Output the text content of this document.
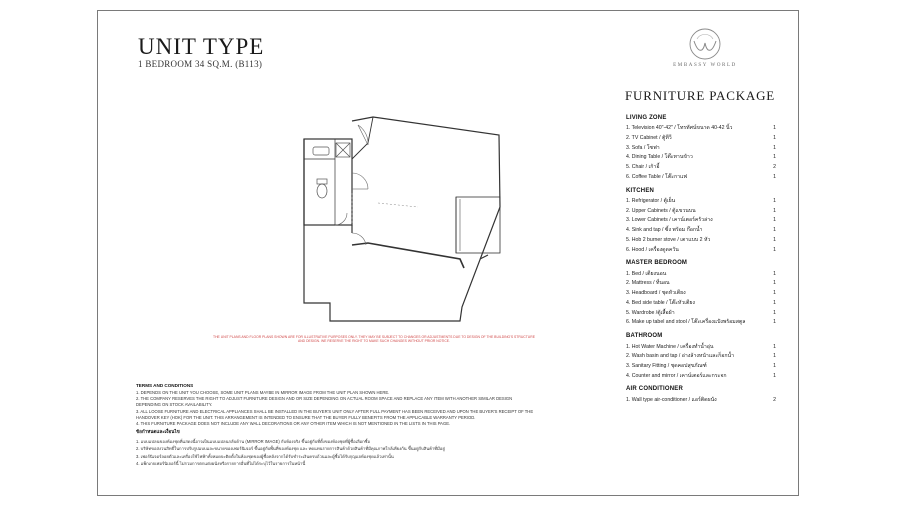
UNIT TYPE
1 BEDROOM 34 SQ.M. (B113)	EMBASSY WORLD
THE UNIT PLANS AND FLOOR PLANS SHOWN ARE FOR ILLUSTRATIVE PURPOSES ONLY. THEY MAY BE SUBJECT TO CHANGES OR ADJUSTMENTS DUE TO DESIGN OF THE BUILDING'S STRUCTURE
AND DESIGN. WE RESERVE THE RIGHT TO MAKE SUCH CHANGES WITHOUT PRIOR NOTICE.
TERMS AND CONDITIONS
1. DEPENDS ON THE UNIT YOU CHOOSE, SOME UNIT PLANS MAYBE IN MIRROR IMAGE FROM THE UNIT PLAN SHOWN HERE.
2. THE COMPANY RESERVES THE RIGHT TO ADJUST FURNITURE DESIGN AND OR SIZE DEPENDING ON ACTUAL ROOM SPACE AND REPLACE ANY ITEM WITH ANOTHER SIMILAR DESIGN
DEPENDING ON STOCK AVAILABILITY.
3. ALL LOOSE FURNITURE AND ELECTRICAL APPLIANCES SHALL BE INSTALLED IN THE BUYER'S UNIT ONLY AFTER FULL PAYMENT HAS BEEN RECEIVED AND UPON THE BUYER'S RECEIPT OF THE
HANDOVER KEY (HOK) FOR THE UNIT. THIS ARRANGEMENT IS INTENDED TO ENSURE THAT THE BUYER FULLY BENEFITS FROM THE APPLICABLE WARRANTY PERIOD.
4. THIS FURNITURE PACKAGE DOES NOT INCLUDE ANY WALL DECORATIONS OR ANY OTHER ITEM WHICH IS NOT MENTIONED IN THE LISTS IN THIS PAGE.
ข้อกำหนดและเงื่อนไข
1. แบบแปลนของห้องชุดที่แสดงนี้อาจเป็นแบบแปลนกลับด้าน (MIRROR IMAGE) กับห้องจริง ขึ้นอยู่กับที่ตั้งของห้องชุดที่ผู้ซื้อเลือกซื้อ
2. บริษัทขอสงวนสิทธิ์ในการปรับรูปแบบและขนาดของเฟอร์นิเจอร์ ขึ้นอยู่กับพื้นที่ของห้องชุด และ ทดแทนรายการสินค้าด้วยสินค้าที่มีคุณภาพใกล้เคียงกัน ขึ้นอยู่กับสินค้าที่มีอยู่
3. เฟอร์นิเจอร์ลอยตัวและเครื่องใช้ไฟฟ้าทั้งหมดจะติดตั้งในห้องชุดของผู้ซื้อหลังจากได้รับชำระเงินครบถ้วนและผู้ซื้อได้รับกุญแจห้องชุดแล้วเท่านั้น
4. แพ็กเกจเฟอร์นิเจอร์นี้ ไม่รวมการตกแต่งผนังหรือรายการอื่นที่ไม่ได้ระบุไว้ในรายการในหน้านี้
FURNITURE PACKAGE
LIVING ZONE
1. Television 40"-42" / โทรทัศน์ขนาด 40-42 นิ้ว	1
2. TV Cabinet / ตู้ทีวี	1
3. Sofa / โซฟา	1
4. Dining Table / โต๊ะทานข้าว	1
5. Chair / เก้าอี้	2
6. Coffee Table / โต๊ะกาแฟ	1
KITCHEN
1. Refrigerator / ตู้เย็น	1
2. Upper Cabinets / ตู้แขวนบน	1
3. Lower Cabinets / เคาน์เตอร์ครัวล่าง	1
4. Sink and tap / ซิ้ง พร้อม ก๊อกน้ำ	1
5. Hob 2 burner stove / เตาแบบ 2 หัว	1
6. Hood / เครื่องดูดควัน	1
MASTER BEDROOM
1. Bed / เตียงนอน	1
2. Mattress / ที่นอน	1
3. Headboard / ชุดหัวเตียง	1
4. Bed side table / โต๊ะหัวเตียง	1
5. Wardrobe /ตู้เสื้อผ้า	1
6. Make up tabel and stool / โต๊ะเครื่องแป้งพร้อมสตูล	1
BATHROOM
1. Hot Water Machine / เครื่องทำน้ำอุ่น	1
2. Wash basin and tap / อ่างล้างหน้าและก็อกน้ำ	1
3. Sanitary Fitting / ชุดคอปสุขภัณฑ์	1
4. Counter and mirror / เคาน์เตอร์และกระจก	1
AIR CONDITIONER
1. Wall type air-conditioner / แอร์ติดผนัง	2
